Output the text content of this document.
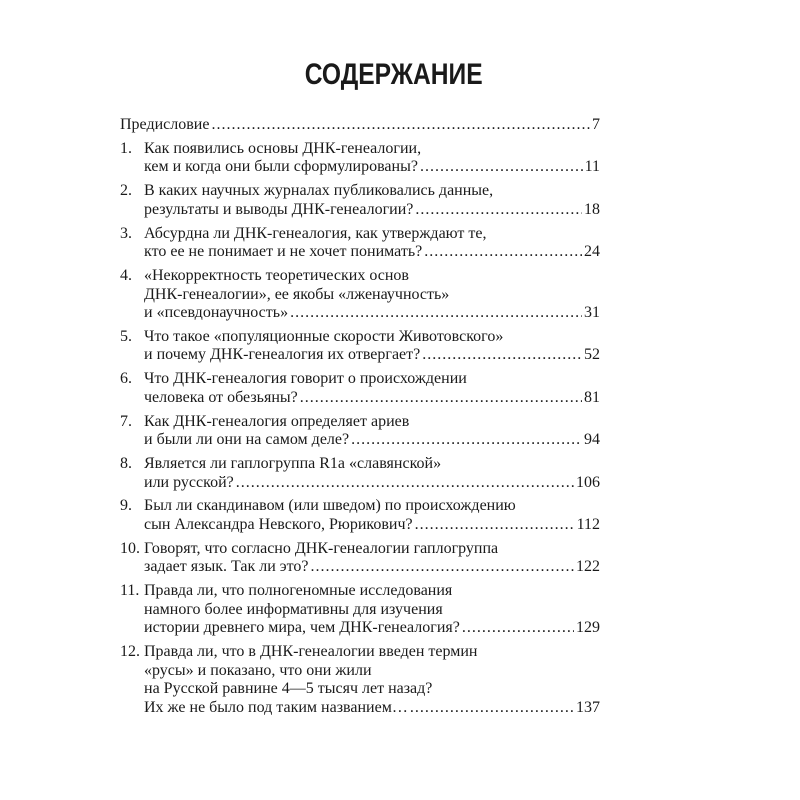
СОДЕРЖАНИЕ
Предисловие .....	7
1. Как появились основы ДНК-генеалогии,
кем и когда они были сформулированы? .....	11
2. В каких научных журналах публиковались данные,
результаты и выводы ДНК-генеалогии? .....	18
3. Абсурдна ли ДНК-генеалогия, как утверждают те,
кто ее не понимает и не хочет понимать? .....	24
4. «Некорректность теоретических основ
ДНК-генеалогии», ее якобы «лженаучность»
и «псевдонаучность» .....	31
5. Что такое «популяционные скорости Животовского»
и почему ДНК-генеалогия их отвергает? .....	52
6. Что ДНК-генеалогия говорит о происхождении
человека от обезьяны? .....	81
7. Как ДНК-генеалогия определяет ариев
и были ли они на самом деле? .....	94
8. Является ли гаплогруппа R1a «славянской»
или русской? .....	106
9. Был ли скандинавом (или шведом) по происхождению
сын Александра Невского, Рюрикович? .....	112
10. Говорят, что согласно ДНК-генеалогии гаплогруппа
задает язык. Так ли это? .....	122
11. Правда ли, что полногеномные исследования
намного более информативны для изучения
истории древнего мира, чем ДНК-генеалогия? .....	129
12. Правда ли, что в ДНК-генеалогии введен термин
«русы» и показано, что они жили
на Русской равнине 4—5 тысяч лет назад?
Их же не было под таким названием… .....	137
